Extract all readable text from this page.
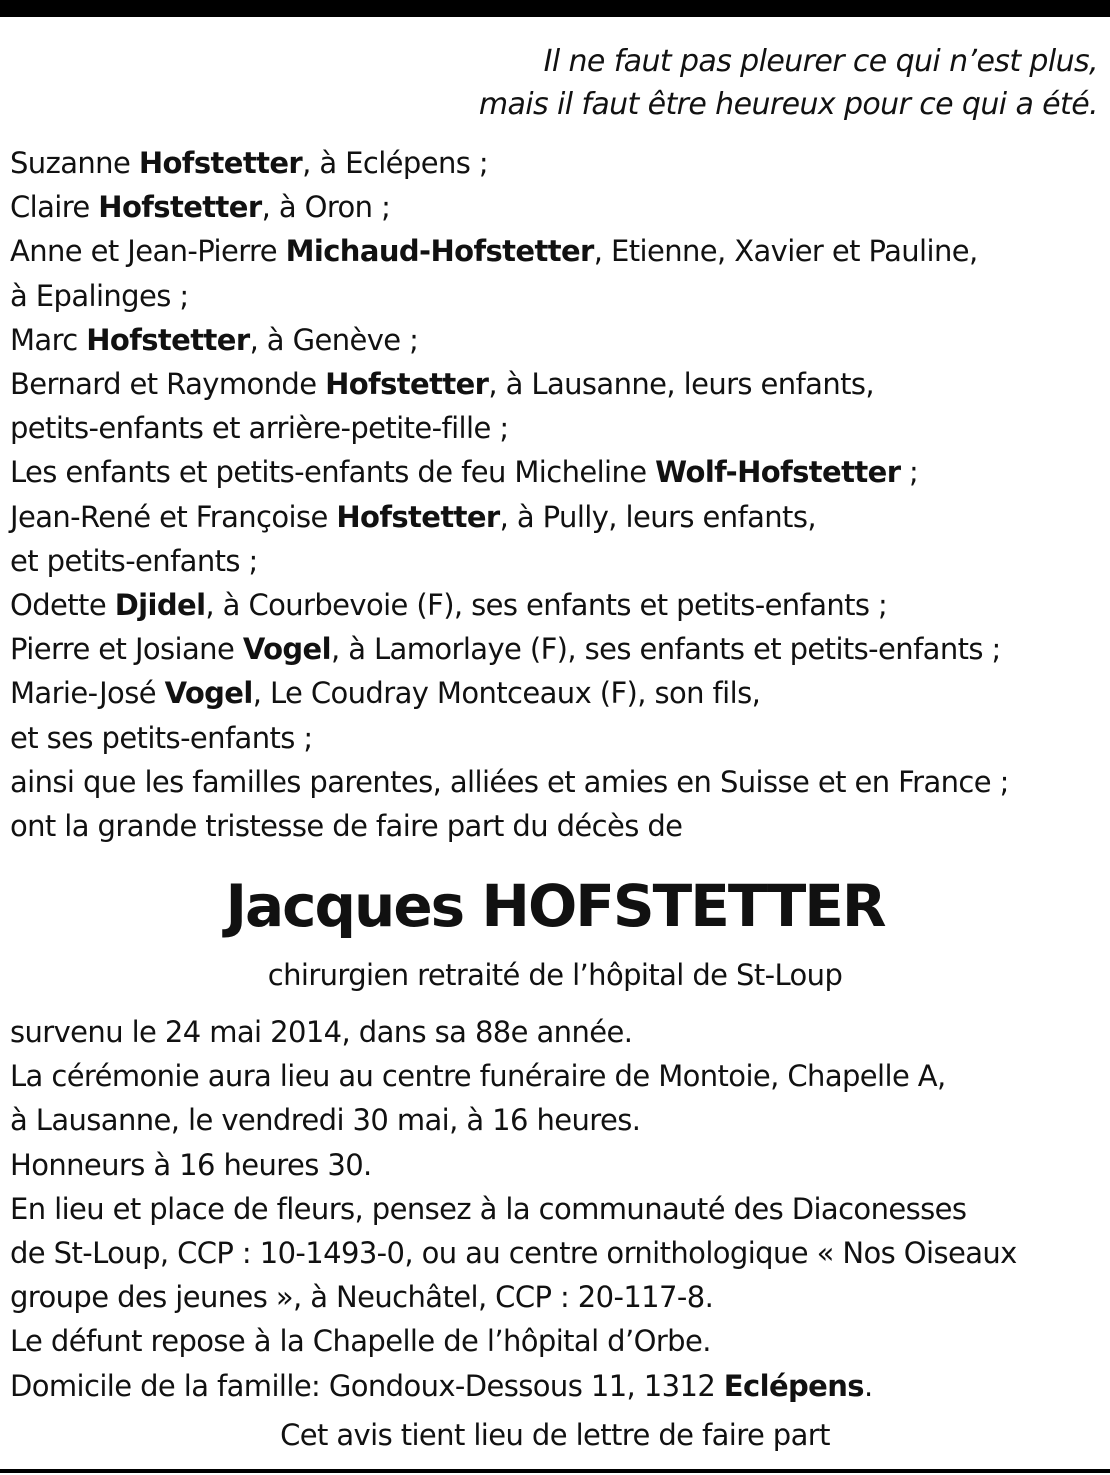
Il ne faut pas pleurer ce qui n’est plus,
mais il faut être heureux pour ce qui a été.
Suzanne Hofstetter, à Eclépens ;
Claire Hofstetter, à Oron ;
Anne et Jean-Pierre Michaud-Hofstetter, Etienne, Xavier et Pauline,
à Epalinges ;
Marc Hofstetter, à Genève ;
Bernard et Raymonde Hofstetter, à Lausanne, leurs enfants,
petits-enfants et arrière-petite-fille ;
Les enfants et petits-enfants de feu Micheline Wolf-Hofstetter ;
Jean-René et Françoise Hofstetter, à Pully, leurs enfants,
et petits-enfants ;
Odette Djidel, à Courbevoie (F), ses enfants et petits-enfants ;
Pierre et Josiane Vogel, à Lamorlaye (F), ses enfants et petits-enfants ;
Marie-José Vogel, Le Coudray Montceaux (F), son fils,
et ses petits-enfants ;
ainsi que les familles parentes, alliées et amies en Suisse et en France ;
ont la grande tristesse de faire part du décès de
Jacques HOFSTETTER
chirurgien retraité de l’hôpital de St-Loup
survenu le 24 mai 2014, dans sa 88e année.
La cérémonie aura lieu au centre funéraire de Montoie, Chapelle A,
à Lausanne, le vendredi 30 mai, à 16 heures.
Honneurs à 16 heures 30.
En lieu et place de fleurs, pensez à la communauté des Diaconesses
de St-Loup, CCP : 10-1493-0, ou au centre ornithologique « Nos Oiseaux
groupe des jeunes », à Neuchâtel, CCP : 20-117-8.
Le défunt repose à la Chapelle de l’hôpital d’Orbe.
Domicile de la famille: Gondoux-Dessous 11, 1312 Eclépens.
Cet avis tient lieu de lettre de faire part
